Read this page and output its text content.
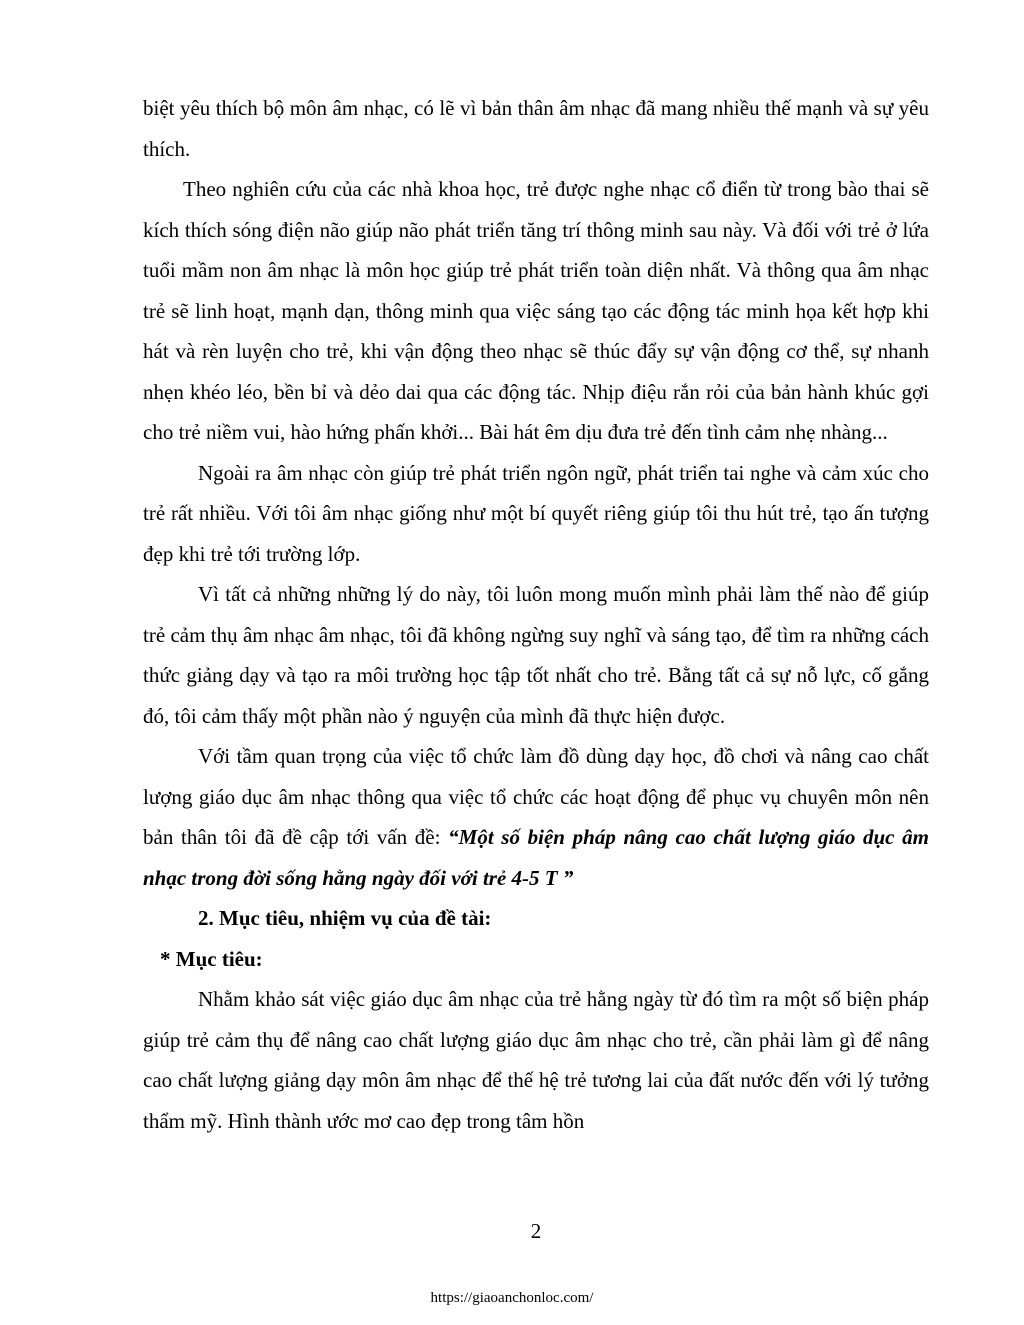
biệt yêu thích bộ môn âm nhạc, có lẽ vì bản thân âm nhạc đã mang nhiều thế mạnh và sự yêu thích.

Theo nghiên cứu của các nhà khoa học, trẻ được nghe nhạc cổ điển từ trong bào thai sẽ kích thích sóng điện não giúp não phát triển tăng trí thông minh sau này. Và đối với trẻ ở lứa tuổi mầm non âm nhạc là môn học giúp trẻ phát triển toàn diện nhất. Và thông qua âm nhạc trẻ sẽ linh hoạt, mạnh dạn, thông minh qua việc sáng tạo các động tác minh họa kết hợp khi hát và rèn luyện cho trẻ, khi vận động theo nhạc sẽ thúc đẩy sự vận động cơ thể, sự nhanh nhẹn khéo léo, bền bỉ và dẻo dai qua các động tác. Nhịp điệu rắn rỏi của bản hành khúc gợi cho trẻ niềm vui, hào hứng phấn khởi... Bài hát êm dịu đưa trẻ đến tình cảm nhẹ nhàng...

Ngoài ra âm nhạc còn giúp trẻ phát triển ngôn ngữ, phát triển tai nghe và cảm xúc cho trẻ rất nhiều. Với tôi âm nhạc giống như một bí quyết riêng giúp tôi thu hút trẻ, tạo ấn tượng đẹp khi trẻ tới trường lớp.

Vì tất cả những những lý do này, tôi luôn mong muốn mình phải làm thế nào để giúp trẻ cảm thụ âm nhạc âm nhạc, tôi đã không ngừng suy nghĩ và sáng tạo, để tìm ra những cách thức giảng dạy và tạo ra môi trường học tập tốt nhất cho trẻ. Bằng tất cả sự nỗ lực, cố gắng đó, tôi cảm thấy một phần nào ý nguyện của mình đã thực hiện được.

Với tầm quan trọng của việc tổ chức làm đồ dùng dạy học, đồ chơi và nâng cao chất lượng giáo dục âm nhạc thông qua việc tổ chức các hoạt động để phục vụ chuyên môn nên bản thân tôi đã đề cập tới vấn đề: “Một số biện pháp nâng cao chất lượng giáo dục âm nhạc trong đời sống hằng ngày đối với trẻ 4-5 T ”

2. Mục tiêu, nhiệm vụ của đề tài:

* Mục tiêu:

Nhằm khảo sát việc giáo dục âm nhạc của trẻ hằng ngày từ đó tìm ra một số biện pháp giúp trẻ cảm thụ để nâng cao chất lượng giáo dục âm nhạc cho trẻ, cần phải làm gì để nâng cao chất lượng giảng dạy môn âm nhạc để thế hệ trẻ tương lai của đất nước đến với lý tưởng thẩm mỹ. Hình thành ước mơ cao đẹp trong tâm hồn

2
https://giaoanchonloc.com/
